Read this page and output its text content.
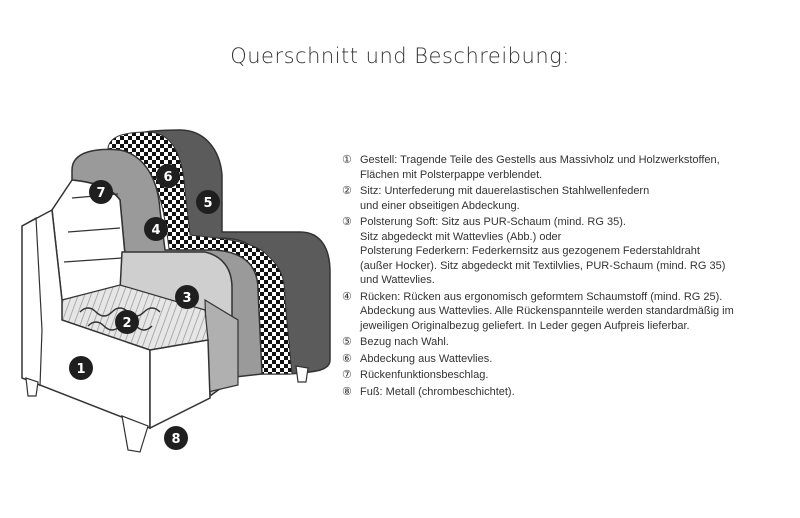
Querschnitt und Beschreibung:
1
2
3
4
5
6
7
8
① Gestell: Tragende Teile des Gestells aus Massivholz und Holzwerkstoffen,
Flächen mit Polsterpappe verblendet.
② Sitz: Unterfederung mit dauerelastischen Stahlwellenfedern
und einer obseitigen Abdeckung.
③ Polsterung Soft: Sitz aus PUR-Schaum (mind. RG 35).
Sitz abgedeckt mit Wattevlies (Abb.) oder
Polsterung Federkern: Federkernsitz aus gezogenem Federstahldraht
(außer Hocker). Sitz abgedeckt mit Textilvlies, PUR-Schaum (mind. RG 35)
und Wattevlies.
④ Rücken: Rücken aus ergonomisch geformtem Schaumstoff (mind. RG 25).
Abdeckung aus Wattevlies. Alle Rückenspannteile werden standardmäßig im
jeweiligen Originalbezug geliefert. In Leder gegen Aufpreis lieferbar.
⑤ Bezug nach Wahl.
⑥ Abdeckung aus Wattevlies.
⑦ Rückenfunktionsbeschlag.
⑧ Fuß: Metall (chrombeschichtet).
